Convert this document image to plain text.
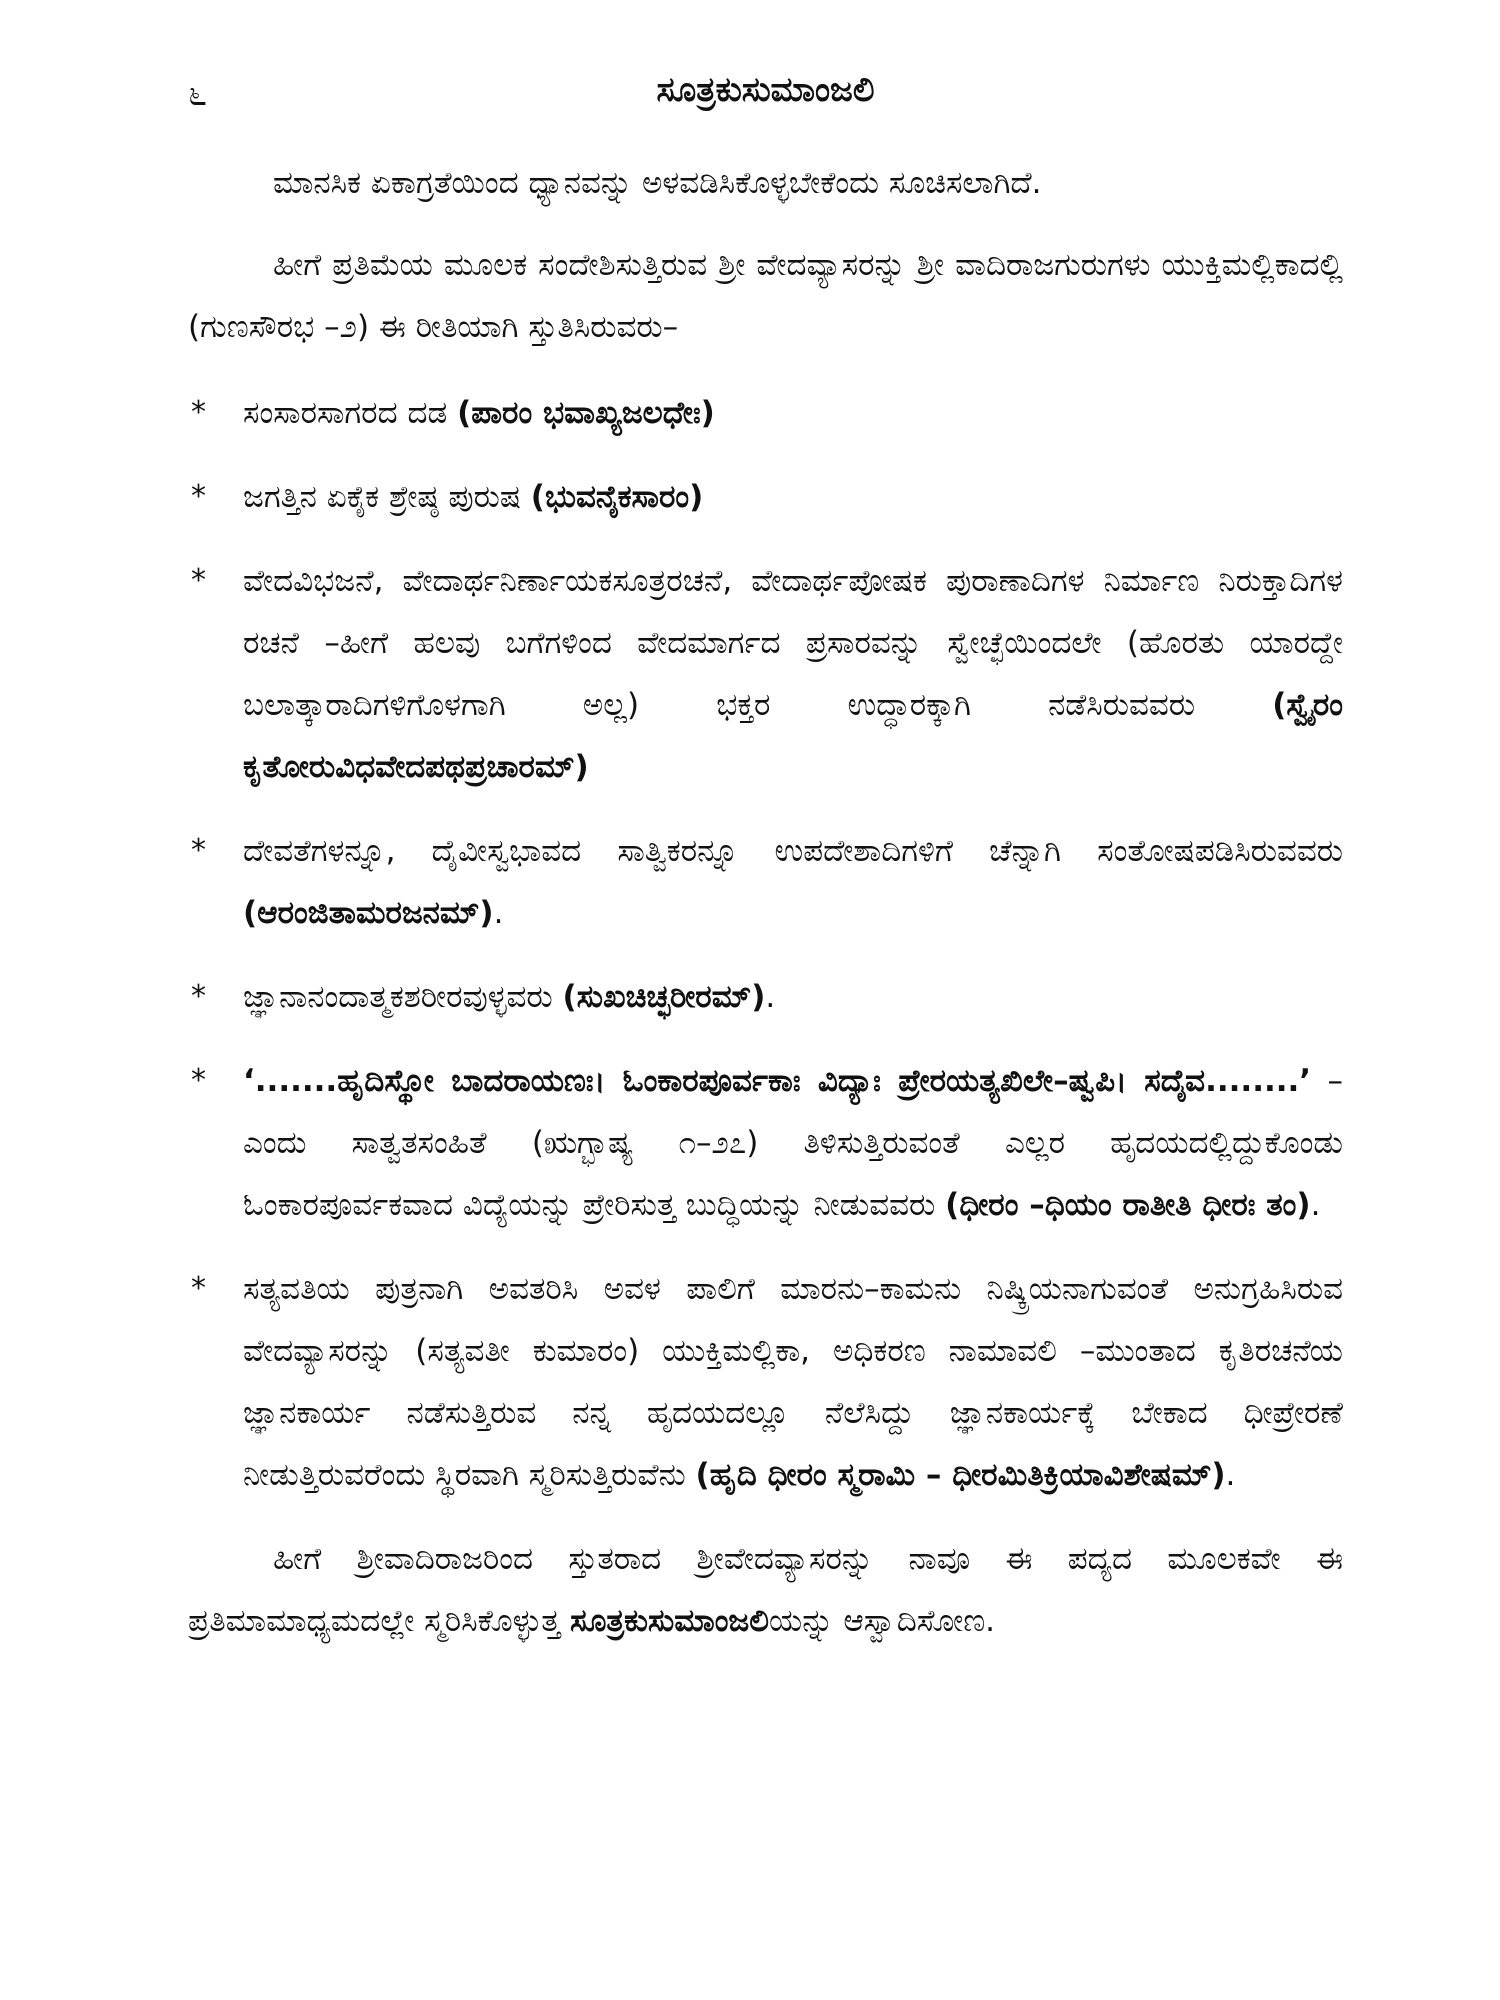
೬	ಸೂತ್ರಕುಸುಮಾಂಜಲಿ

ಮಾನಸಿಕ ಏಕಾಗ್ರತೆಯಿಂದ ಧ್ಯಾನವನ್ನು ಅಳವಡಿಸಿಕೊಳ್ಳಬೇಕೆಂದು ಸೂಚಿಸಲಾಗಿದೆ.

ಹೀಗೆ ಪ್ರತಿಮೆಯ ಮೂಲಕ ಸಂದೇಶಿಸುತ್ತಿರುವ ಶ್ರೀ ವೇದವ್ಯಾಸರನ್ನು ಶ್ರೀ ವಾದಿರಾಜಗುರುಗಳು ಯುಕ್ತಿಮಲ್ಲಿಕಾದಲ್ಲಿ (ಗುಣಸೌರಭ –೨) ಈ ರೀತಿಯಾಗಿ ಸ್ತುತಿಸಿರುವರು–

* ಸಂಸಾರಸಾಗರದ ದಡ (ಪಾರಂ ಭವಾಖ್ಯಜಲಧೇಃ)
* ಜಗತ್ತಿನ ಏಕೈಕ ಶ್ರೇಷ್ಠ ಪುರುಷ (ಭುವನೈಕಸಾರಂ)
* ವೇದವಿಭಜನೆ, ವೇದಾರ್ಥನಿರ್ಣಾಯಕಸೂತ್ರರಚನೆ, ವೇದಾರ್ಥಪೋಷಕ ಪುರಾಣಾದಿಗಳ ನಿರ್ಮಾಣ ನಿರುಕ್ತಾದಿಗಳ ರಚನೆ –ಹೀಗೆ ಹಲವು ಬಗೆಗಳಿಂದ ವೇದಮಾರ್ಗದ ಪ್ರಸಾರವನ್ನು ಸ್ವೇಚ್ಛೆಯಿಂದಲೇ (ಹೊರತು ಯಾರದ್ದೇ ಬಲಾತ್ಕಾರಾದಿಗಳಿಗೊಳಗಾಗಿ ಅಲ್ಲ) ಭಕ್ತರ ಉದ್ಧಾರಕ್ಕಾಗಿ ನಡೆಸಿರುವವರು (ಸ್ವೈರಂ ಕೃತೋರುವಿಧವೇದಪಥಪ್ರಚಾರಮ್)
* ದೇವತೆಗಳನ್ನೂ, ದೈವೀಸ್ವಭಾವದ ಸಾತ್ವಿಕರನ್ನೂ ಉಪದೇಶಾದಿಗಳಿಗೆ ಚೆನ್ನಾಗಿ ಸಂತೋಷಪಡಿಸಿರುವವರು (ಆರಂಜಿತಾಮರಜನಮ್).
* ಜ್ಞಾನಾನಂದಾತ್ಮಕಶರೀರವುಳ್ಳವರು (ಸುಖಚಿಚ್ಛರೀರಮ್).
* ‘.......ಹೃದಿಸ್ಥೋ ಬಾದರಾಯಣಃ। ಓಂಕಾರಪೂರ್ವಕಾಃ ವಿದ್ಯಾಃ ಪ್ರೇರಯತ್ಯಖಿಲೇ–ಷ್ವಪಿ। ಸದೈವ........’ –ಎಂದು ಸಾತ್ವತಸಂಹಿತೆ (ಋಗ್ಭಾಷ್ಯ ೧–೨೭) ತಿಳಿಸುತ್ತಿರುವಂತೆ ಎಲ್ಲರ ಹೃದಯದಲ್ಲಿದ್ದುಕೊಂಡು ಓಂಕಾರಪೂರ್ವಕವಾದ ವಿದ್ಯೆಯನ್ನು ಪ್ರೇರಿಸುತ್ತ ಬುದ್ಧಿಯನ್ನು ನೀಡುವವರು (ಧೀರಂ –ಧಿಯಂ ರಾತೀತಿ ಧೀರಃ ತಂ).
* ಸತ್ಯವತಿಯ ಪುತ್ರನಾಗಿ ಅವತರಿಸಿ ಅವಳ ಪಾಲಿಗೆ ಮಾರನು–ಕಾಮನು ನಿಷ್ಕ್ರಿಯನಾಗುವಂತೆ ಅನುಗ್ರಹಿಸಿರುವ ವೇದವ್ಯಾಸರನ್ನು (ಸತ್ಯವತೀ ಕುಮಾರಂ) ಯುಕ್ತಿಮಲ್ಲಿಕಾ, ಅಧಿಕರಣ ನಾಮಾವಲಿ –ಮುಂತಾದ ಕೃತಿರಚನೆಯ ಜ್ಞಾನಕಾರ್ಯ ನಡೆಸುತ್ತಿರುವ ನನ್ನ ಹೃದಯದಲ್ಲೂ ನೆಲೆಸಿದ್ದು ಜ್ಞಾನಕಾರ್ಯಕ್ಕೆ ಬೇಕಾದ ಧೀಪ್ರೇರಣೆ ನೀಡುತ್ತಿರುವರೆಂದು ಸ್ಥಿರವಾಗಿ ಸ್ಮರಿಸುತ್ತಿರುವೆನು (ಹೃದಿ ಧೀರಂ ಸ್ಮರಾಮಿ – ಧೀರಮಿತಿಕ್ರಿಯಾವಿಶೇಷಮ್).

ಹೀಗೆ ಶ್ರೀವಾದಿರಾಜರಿಂದ ಸ್ತುತರಾದ ಶ್ರೀವೇದವ್ಯಾಸರನ್ನು ನಾವೂ ಈ ಪದ್ಯದ ಮೂಲಕವೇ ಈ ಪ್ರತಿಮಾಮಾಧ್ಯಮದಲ್ಲೇ ಸ್ಮರಿಸಿಕೊಳ್ಳುತ್ತ ಸೂತ್ರಕುಸುಮಾಂಜಲಿಯನ್ನು ಆಸ್ವಾದಿಸೋಣ.
